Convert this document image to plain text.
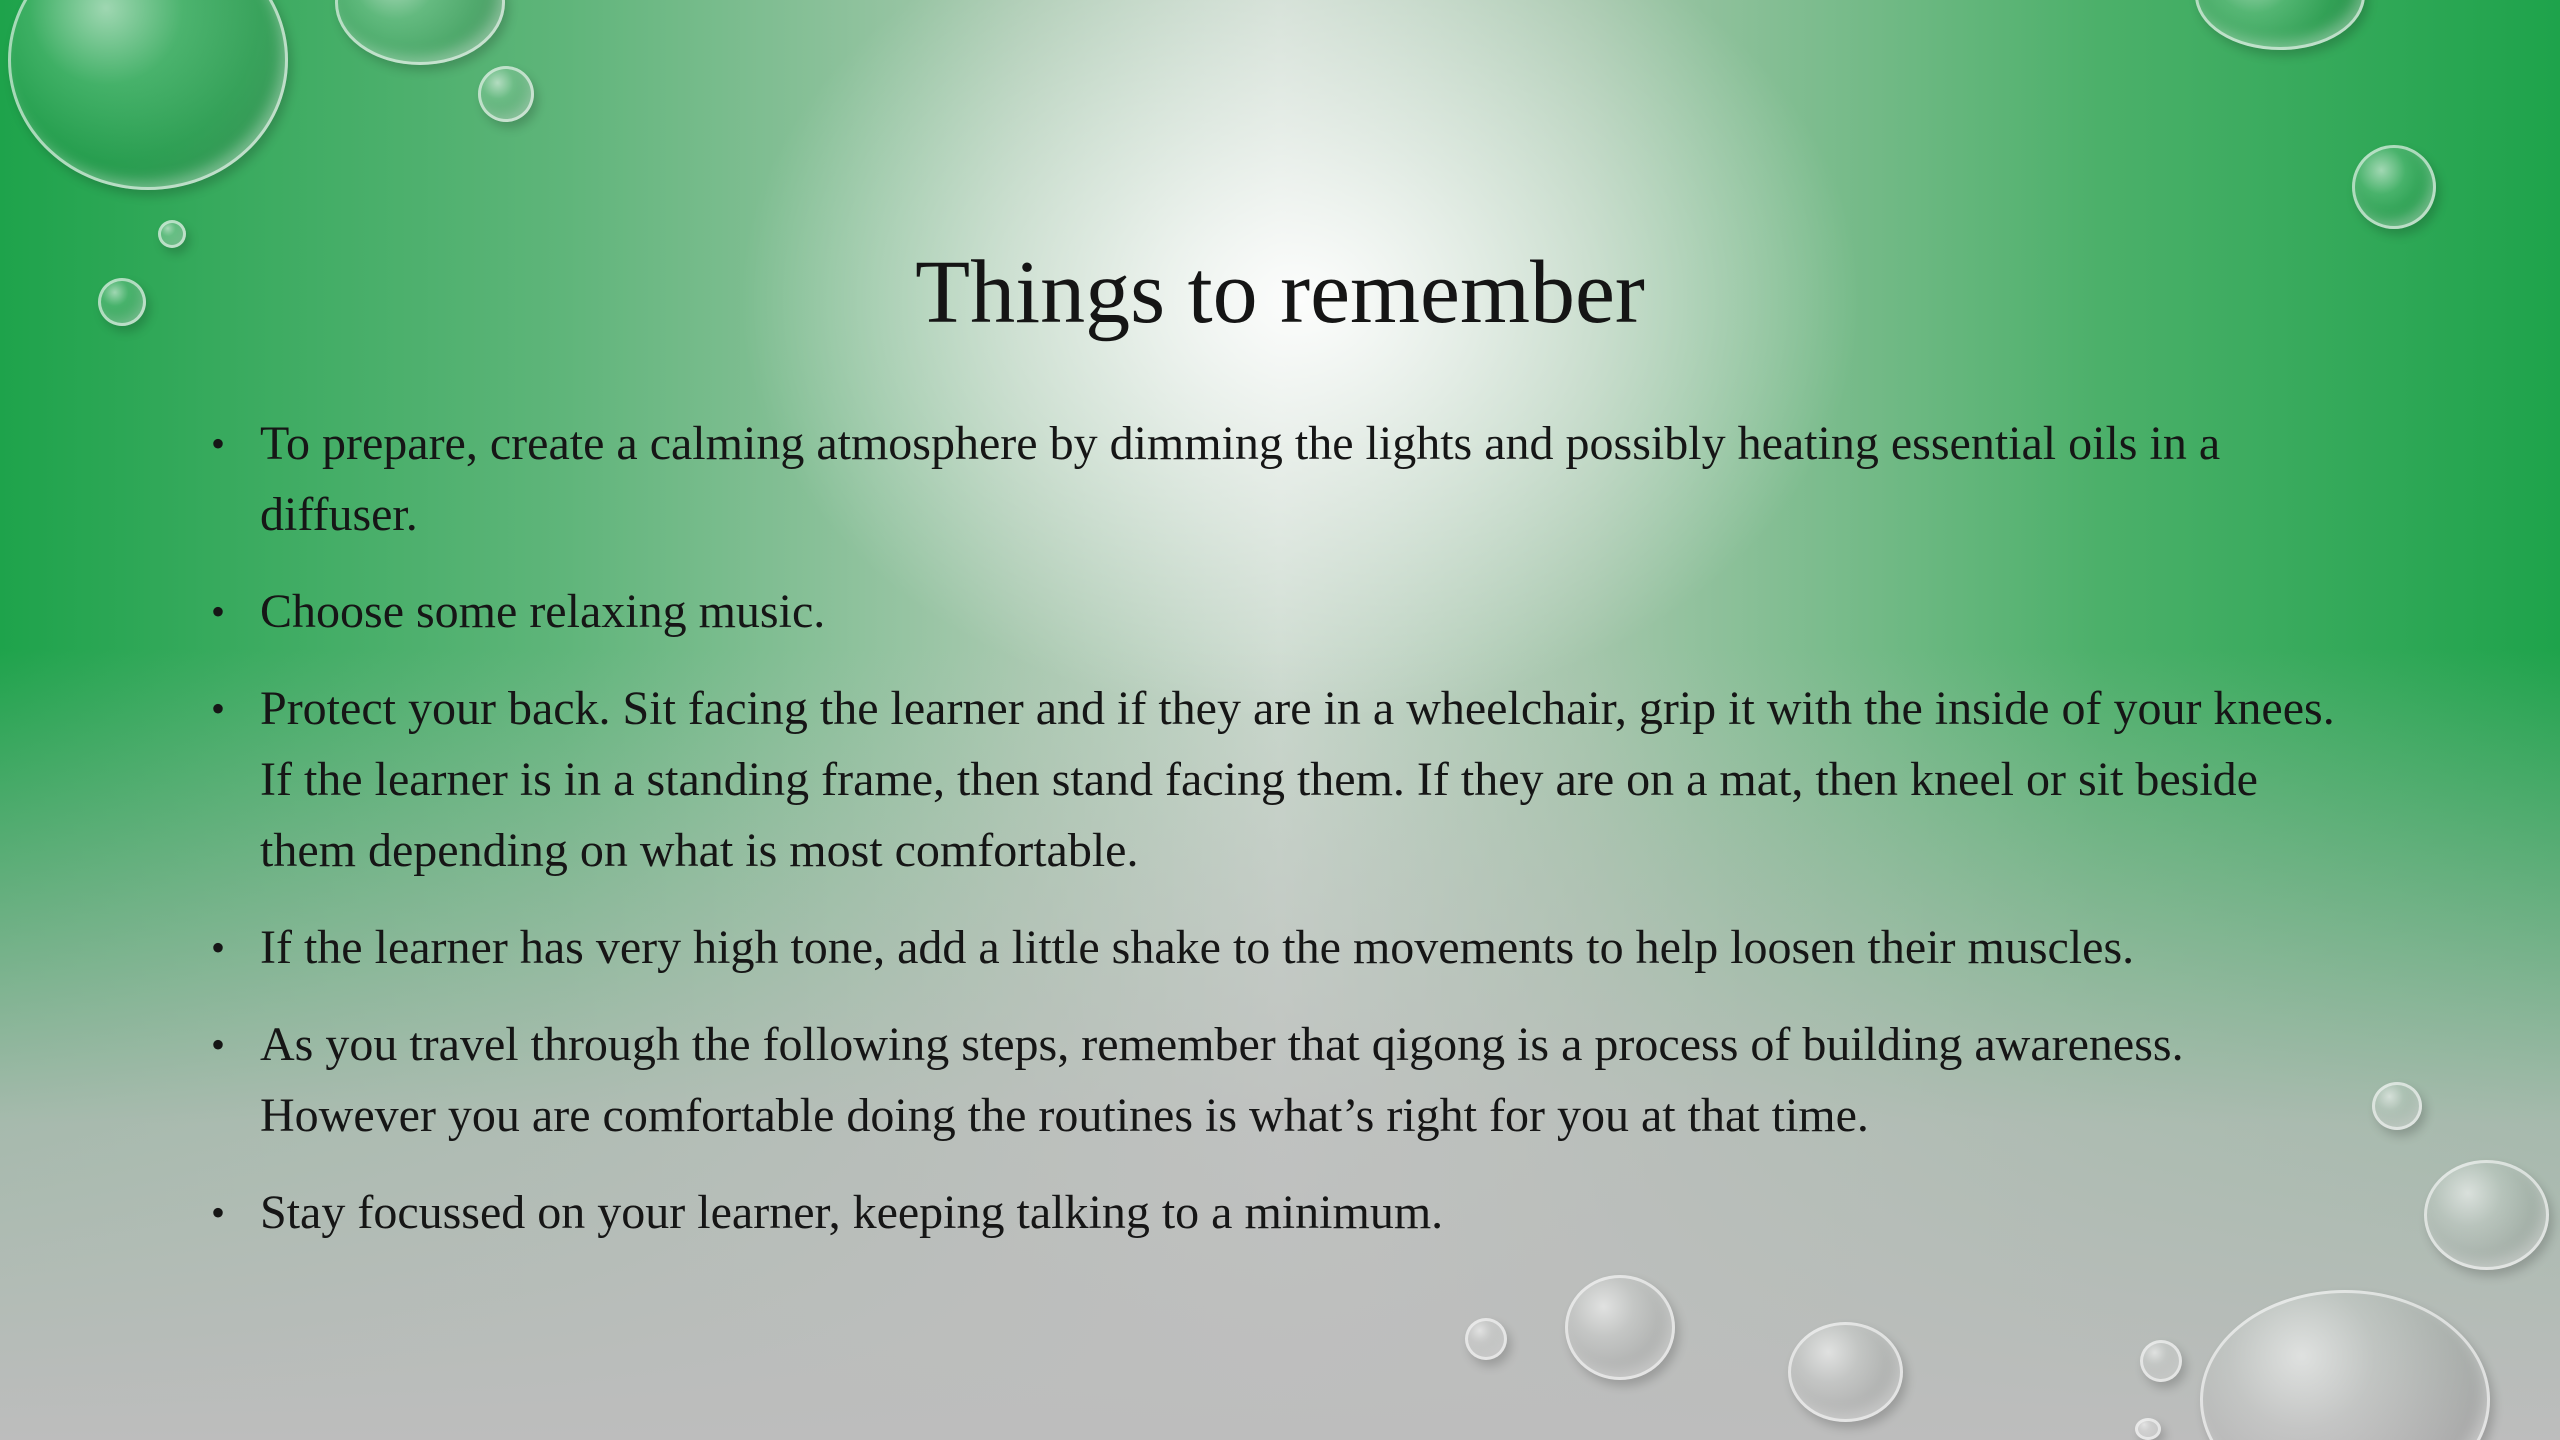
Things to remember
• To prepare, create a calming atmosphere by dimming the lights and possibly heating essential oils in a diffuser.
• Choose some relaxing music.
• Protect your back. Sit facing the learner and if they are in a wheelchair, grip it with the inside of your knees. If the learner is in a standing frame, then stand facing them. If they are on a mat, then kneel or sit beside them depending on what is most comfortable.
• If the learner has very high tone, add a little shake to the movements to help loosen their muscles.
• As you travel through the following steps, remember that qigong is a process of building awareness. However you are comfortable doing the routines is what’s right for you at that time.
• Stay focussed on your learner, keeping talking to a minimum.
